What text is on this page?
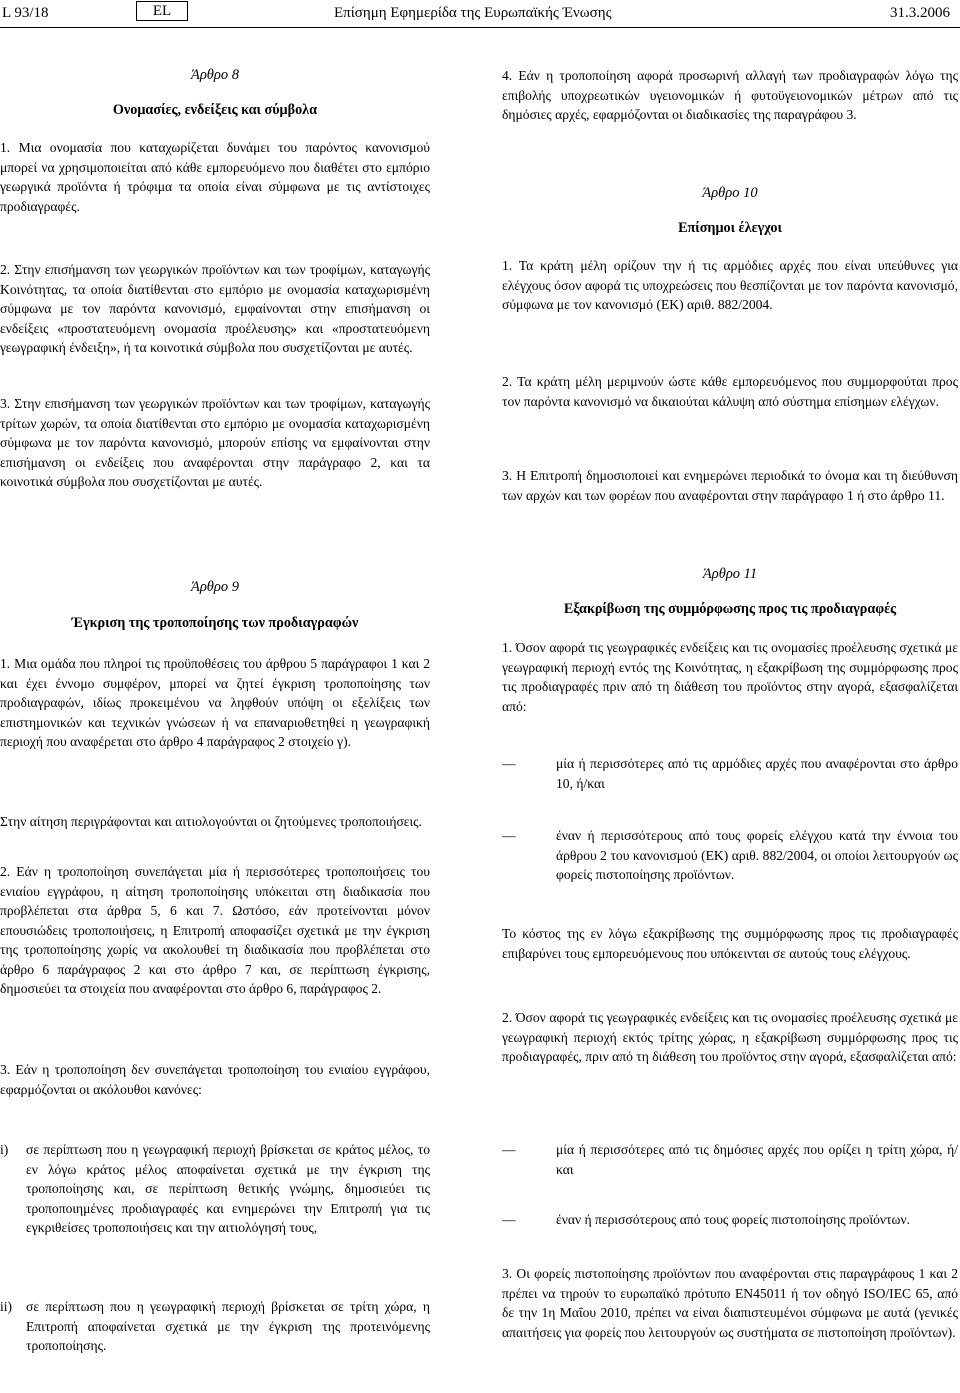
L 93/18	EL	Επίσημη Εφημερίδα της Ευρωπαϊκής Ένωσης	31.3.2006
Άρθρο 8
Ονομασίες, ενδείξεις και σύμβολα

1. Μια ονομασία που καταχωρίζεται δυνάμει του παρόντος κανονισμού μπορεί να χρησιμοποιείται από κάθε εμπορευόμενο που διαθέτει στο εμπόριο γεωργικά προϊόντα ή τρόφιμα τα οποία είναι σύμφωνα με τις αντίστοιχες προδιαγραφές.

2. Στην επισήμανση των γεωργικών προϊόντων και των τροφίμων, καταγωγής Κοινότητας, τα οποία διατίθενται στο εμπόριο με ονομασία καταχωρισμένη σύμφωνα με τον παρόντα κανονισμό, εμφαίνονται στην επισήμανση οι ενδείξεις «προστατευόμενη ονομασία προέλευσης» και «προστατευόμενη γεωγραφική ένδειξη», ή τα κοινοτικά σύμβολα που συσχετίζονται με αυτές.

3. Στην επισήμανση των γεωργικών προϊόντων και των τροφίμων, καταγωγής τρίτων χωρών, τα οποία διατίθενται στο εμπόριο με ονομασία καταχωρισμένη σύμφωνα με τον παρόντα κανονισμό, μπορούν επίσης να εμφαίνονται στην επισήμανση οι ενδείξεις που αναφέρονται στην παράγραφο 2, και τα κοινοτικά σύμβολα που συσχετίζονται με αυτές.

Άρθρο 9
Έγκριση της τροποποίησης των προδιαγραφών

1. Μια ομάδα που πληροί τις προϋποθέσεις του άρθρου 5 παράγραφοι 1 και 2 και έχει έννομο συμφέρον, μπορεί να ζητεί έγκριση τροποποίησης των προδιαγραφών, ιδίως προκειμένου να ληφθούν υπόψη οι εξελίξεις των επιστημονικών και τεχνικών γνώσεων ή να επαναριοθετηθεί η γεωγραφική περιοχή που αναφέρεται στο άρθρο 4 παράγραφος 2 στοιχείο γ).

Στην αίτηση περιγράφονται και αιτιολογούνται οι ζητούμενες τροποποιήσεις.

2. Εάν η τροποποίηση συνεπάγεται μία ή περισσότερες τροποποιήσεις του ενιαίου εγγράφου, η αίτηση τροποποίησης υπόκειται στη διαδικασία που προβλέπεται στα άρθρα 5, 6 και 7. Ωστόσο, εάν προτείνονται μόνον επουσιώδεις τροποποιήσεις, η Επιτροπή αποφασίζει σχετικά με την έγκριση της τροποποίησης χωρίς να ακολουθεί τη διαδικασία που προβλέπεται στο άρθρο 6 παράγραφος 2 και στο άρθρο 7 και, σε περίπτωση έγκρισης, δημοσιεύει τα στοιχεία που αναφέρονται στο άρθρο 6, παράγραφος 2.

3. Εάν η τροποποίηση δεν συνεπάγεται τροποποίηση του ενιαίου εγγράφου, εφαρμόζονται οι ακόλουθοι κανόνες:

i) σε περίπτωση που η γεωγραφική περιοχή βρίσκεται σε κράτος μέλος, το εν λόγω κράτος μέλος αποφαίνεται σχετικά με την έγκριση της τροποποίησης και, σε περίπτωση θετικής γνώμης, δημοσιεύει τις τροποποιημένες προδιαγραφές και ενημερώνει την Επιτροπή για τις εγκριθείσες τροποποιήσεις και την αιτιολόγησή τους,

ii) σε περίπτωση που η γεωγραφική περιοχή βρίσκεται σε τρίτη χώρα, η Επιτροπή αποφαίνεται σχετικά με την έγκριση της προτεινόμενης τροποποίησης.

4. Εάν η τροποποίηση αφορά προσωρινή αλλαγή των προδιαγραφών λόγω της επιβολής υποχρεωτικών υγειονομικών ή φυτοϋγειονομικών μέτρων από τις δημόσιες αρχές, εφαρμόζονται οι διαδικασίες της παραγράφου 3.

Άρθρο 10
Επίσημοι έλεγχοι

1. Τα κράτη μέλη ορίζουν την ή τις αρμόδιες αρχές που είναι υπεύθυνες για ελέγχους όσον αφορά τις υποχρεώσεις που θεσπίζονται με τον παρόντα κανονισμό, σύμφωνα με τον κανονισμό (ΕΚ) αριθ. 882/2004.

2. Τα κράτη μέλη μεριμνούν ώστε κάθε εμπορευόμενος που συμμορφούται προς τον παρόντα κανονισμό να δικαιούται κάλυψη από σύστημα επίσημων ελέγχων.

3. Η Επιτροπή δημοσιοποιεί και ενημερώνει περιοδικά το όνομα και τη διεύθυνση των αρχών και των φορέων που αναφέρονται στην παράγραφο 1 ή στο άρθρο 11.

Άρθρο 11
Εξακρίβωση της συμμόρφωσης προς τις προδιαγραφές

1. Όσον αφορά τις γεωγραφικές ενδείξεις και τις ονομασίες προέλευσης σχετικά με γεωγραφική περιοχή εντός της Κοινότητας, η εξακρίβωση της συμμόρφωσης προς τις προδιαγραφές πριν από τη διάθεση του προϊόντος στην αγορά, εξασφαλίζεται από:

—	μία ή περισσότερες από τις αρμόδιες αρχές που αναφέρονται στο άρθρο 10, ή/και

—	έναν ή περισσότερους από τους φορείς ελέγχου κατά την έννοια του άρθρου 2 του κανονισμού (ΕΚ) αριθ. 882/2004, οι οποίοι λειτουργούν ως φορείς πιστοποίησης προϊόντων.

Το κόστος της εν λόγω εξακρίβωσης της συμμόρφωσης προς τις προδιαγραφές επιβαρύνει τους εμπορευόμενους που υπόκεινται σε αυτούς τους ελέγχους.

2. Όσον αφορά τις γεωγραφικές ενδείξεις και τις ονομασίες προέλευσης σχετικά με γεωγραφική περιοχή εκτός τρίτης χώρας, η εξακρίβωση συμμόρφωσης προς τις προδιαγραφές, πριν από τη διάθεση του προϊόντος στην αγορά, εξασφαλίζεται από:

—	μία ή περισσότερες από τις δημόσιες αρχές που ορίζει η τρίτη χώρα, ή/και

—	έναν ή περισσότερους από τους φορείς πιστοποίησης προϊόντων.

3. Οι φορείς πιστοποίησης προϊόντων που αναφέρονται στις παραγράφους 1 και 2 πρέπει να τηρούν το ευρωπαϊκό πρότυπο EN45011 ή τον οδηγό ISO/IEC 65, από δε την 1η Μαΐου 2010, πρέπει να είναι διαπιστευμένοι σύμφωνα με αυτά (γενικές απαιτήσεις για φορείς που λειτουργούν ως συστήματα σε πιστοποίηση προϊόντων).
